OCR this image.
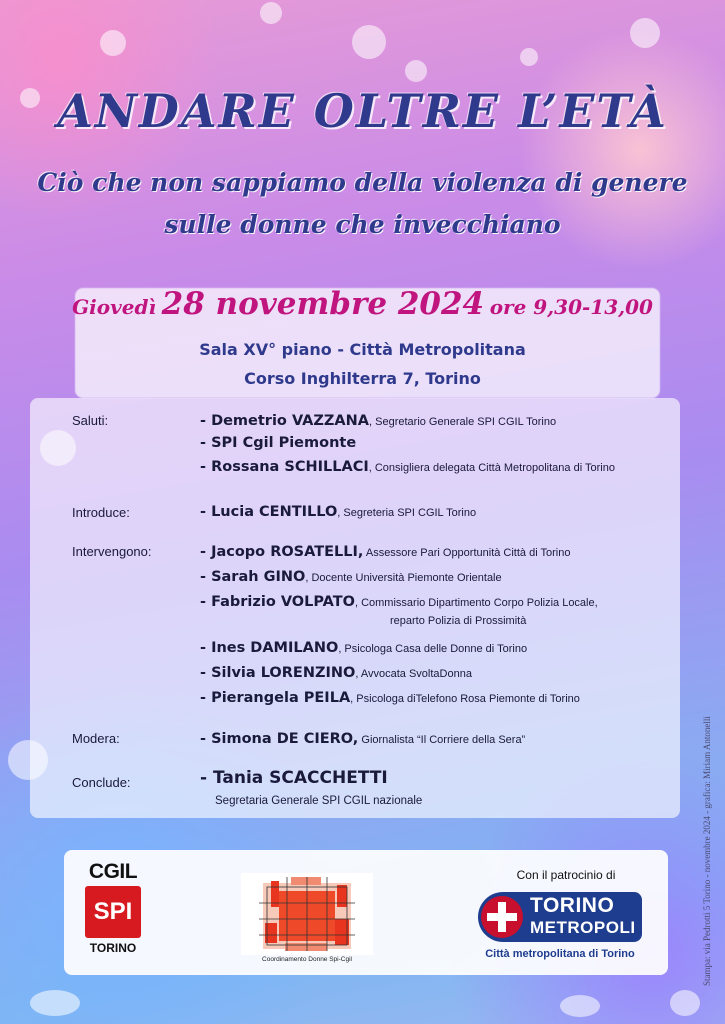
ANDARE OLTRE L’ETÀ
Ciò che non sappiamo della violenza di genere
sulle donne che invecchiano
Giovedì 28 novembre 2024 ore 9,30-13,00
Sala XV° piano - Città Metropolitana
Corso Inghilterra 7, Torino
Saluti:	- Demetrio VAZZANA, Segretario Generale SPI CGIL Torino
- SPI Cgil Piemonte
- Rossana SCHILLACI, Consigliera delegata Città Metropolitana di Torino
Introduce:	- Lucia CENTILLO, Segreteria SPI CGIL Torino
Intervengono:	- Jacopo ROSATELLI, Assessore Pari Opportunità Città di Torino
- Sarah GINO, Docente Università Piemonte Orientale
- Fabrizio VOLPATO, Commissario Dipartimento Corpo Polizia Locale,
reparto Polizia di Prossimità
- Ines DAMILANO, Psicologa Casa delle Donne di Torino
- Silvia LORENZINO, Avvocata SvoltaDonna
- Pierangela PEILA, Psicologa diTelefono Rosa Piemonte di Torino
Modera:	- Simona DE CIERO, Giornalista “Il Corriere della Sera”
Conclude:	- Tania SCACCHETTI
Segretaria Generale SPI CGIL nazionale
CGIL
SPI
TORINO
Coordinamento Donne Spi-Cgil
Con il patrocinio di
TORINO
METROPOLI
Città metropolitana di Torino	Stampa: via Pedrotti 5 Torino - novembre 2024 - grafica: Miriam Antonelli
